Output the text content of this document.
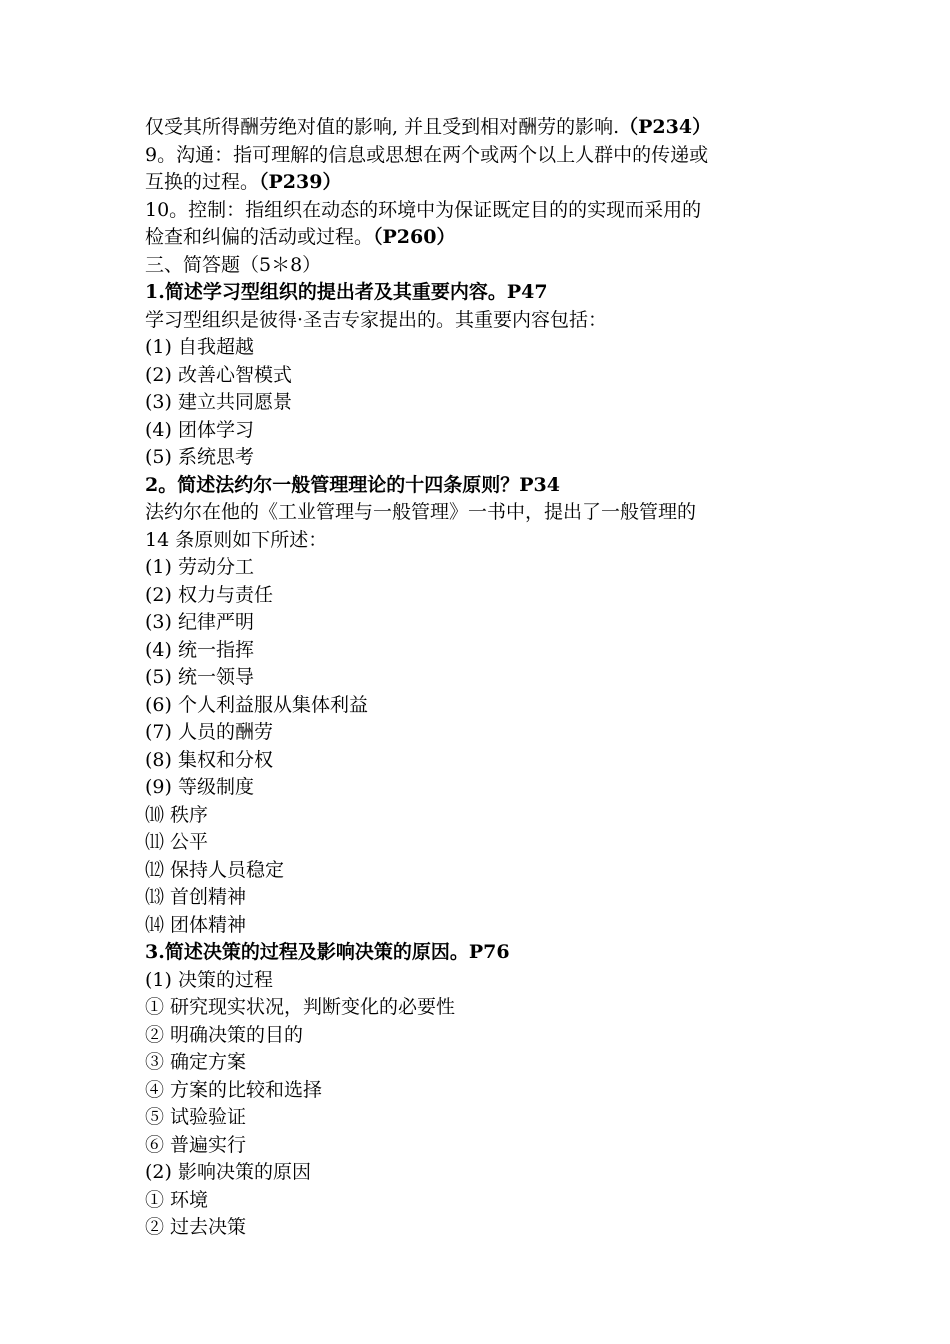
仅受其所得酬劳绝对值的影响, 并且受到相对酬劳的影响.（P234）
9。沟通：指可理解的信息或思想在两个或两个以上人群中的传递或
互换的过程。（P239）
10。控制：指组织在动态的环境中为保证既定目的的实现而采用的
检查和纠偏的活动或过程。（P260）
三、简答题（5＊8）
1.简述学习型组织的提出者及其重要内容。P47
学习型组织是彼得·圣吉专家提出的。其重要内容包括：
(1) 自我超越
(2) 改善心智模式
(3) 建立共同愿景
(4) 团体学习
(5) 系统思考
2。简述法约尔一般管理理论的十四条原则？P34
法约尔在他的《工业管理与一般管理》一书中，提出了一般管理的
14 条原则如下所述：
(1) 劳动分工
(2) 权力与责任
(3) 纪律严明
(4) 统一指挥
(5) 统一领导
(6) 个人利益服从集体利益
(7) 人员的酬劳
(8) 集权和分权
(9) 等级制度
⑽ 秩序
⑾ 公平
⑿ 保持人员稳定
⒀ 首创精神
⒁ 团体精神
3.简述决策的过程及影响决策的原因。P76
(1) 决策的过程
① 研究现实状况，判断变化的必要性
② 明确决策的目的
③ 确定方案
④ 方案的比较和选择
⑤ 试验验证
⑥ 普遍实行
(2) 影响决策的原因
① 环境
② 过去决策
